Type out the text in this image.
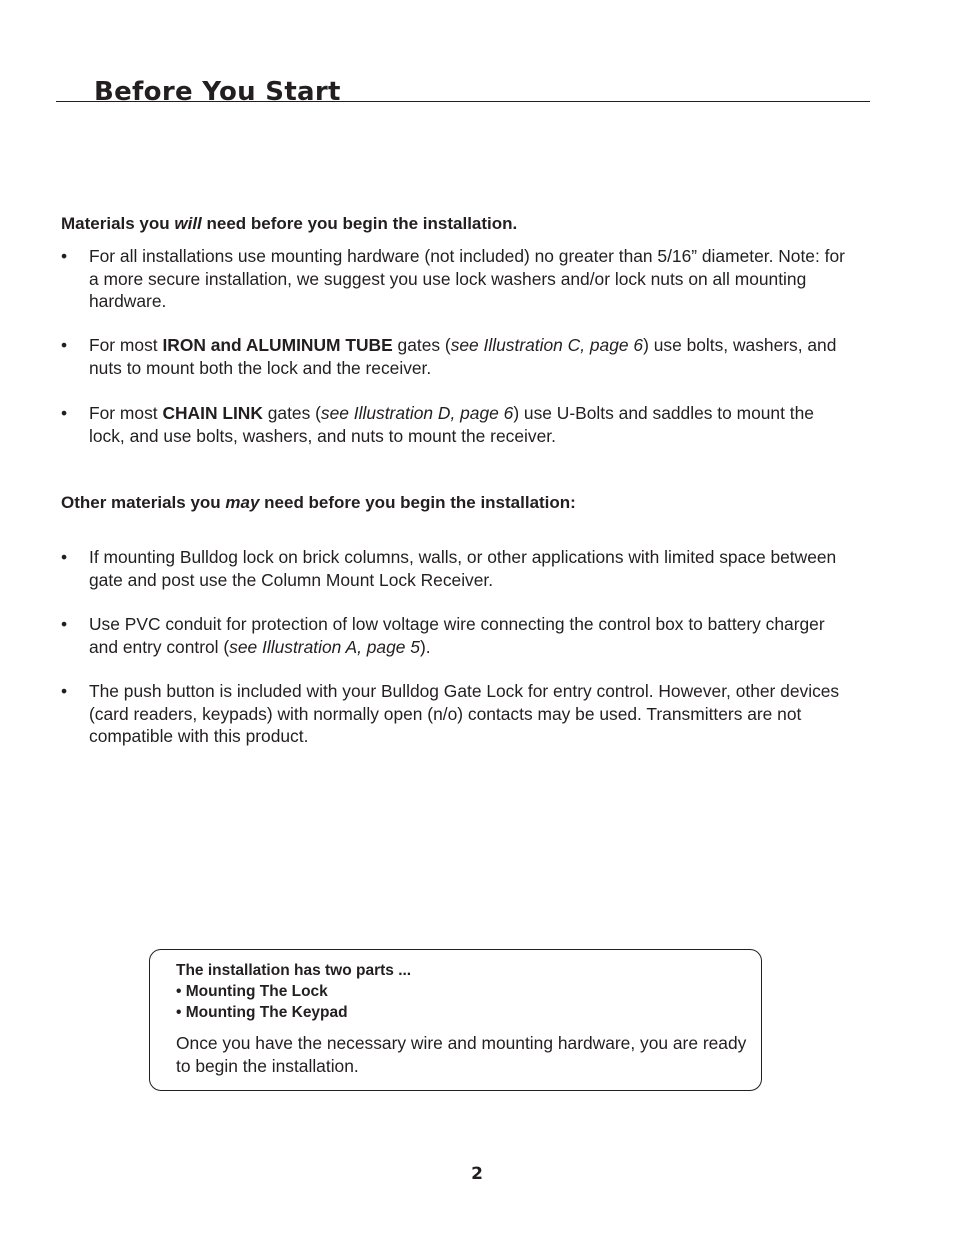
Before You Start
Materials you will need before you begin the installation.
• For all installations use mounting hardware (not included) no greater than 5/16” diameter. Note: for a more secure installation, we suggest you use lock washers and/or lock nuts on all mounting hardware.
• For most IRON and ALUMINUM TUBE gates (see Illustration C, page 6) use bolts, washers, and nuts to mount both the lock and the receiver.
• For most CHAIN LINK gates (see Illustration D, page 6) use U-Bolts and saddles to mount the lock, and use bolts, washers, and nuts to mount the receiver.
Other materials you may need before you begin the installation:
• If mounting Bulldog lock on brick columns, walls, or other applications with limited space between gate and post use the Column Mount Lock Receiver.
• Use PVC conduit for protection of low voltage wire connecting the control box to battery charger and entry control (see Illustration A, page 5).
• The push button is included with your Bulldog Gate Lock for entry control. However, other devices (card readers, keypads) with normally open (n/o) contacts may be used. Transmitters are not compatible with this product.
The installation has two parts ...
• Mounting The Lock
• Mounting The Keypad
Once you have the necessary wire and mounting hardware, you are ready to begin the installation.
2
